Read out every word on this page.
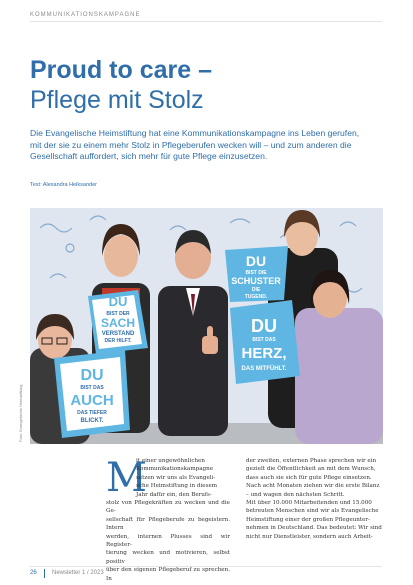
KOMMUNIKATIONSKAMPAGNE
Proud to care –
Pflege mit Stolz
Die Evangelische Heimstiftung hat eine Kommunikationskampagne ins Leben gerufen, mit der sie zu einem mehr Stolz in Pflegeberufen wecken will – und zum anderen die Gesellschaft auffordert, sich mehr für gute Pflege einzusetzen.
Text: Alexandra Heiksander
DU
BIST DER
SACH
VERSTAND
DER HILFT.
DU
BIST DIE
SCHUSTER
DIE
TUGEND.
DU
BIST DAS
AUCH
DAS TIEFER
BLICKT.
DU
BIST DAS
HERZ,
DAS MITFÜHLT.
Foto: Evangelische Heimstiftung
M
it einer ungewöhnlichen
Kommunikationskampagne
setzen wir uns als Evangeli-
sche Heimstiftung in diesem
Jahr dafür ein, den Berufs-

stolz von Pflegekräften zu wecken und die Ge-

sellschaft für Pflegeberufe zu begeistern. Intern

werden, internen Plusses sind wir Register-

tierung wecken und motivieren, selbst positiv

über den eigenen Pflegeberuf zu sprechen. In

der zweiten, externen Phase sprechen wir ein

gezielt die Öffentlichkeit an mit dem Wunsch,

dass auch sie sich für gute Pflege einsetzen.

Nach acht Monaten ziehen wir die erste Bilanz

– und wagen den nächsten Schritt.

Mit über 10.000 Mitarbeitenden und 15.000

betreuten Menschen sind wir als Evangelische

Heimstiftung einer der großen Pflegeunter-

nehmen in Deutschland. Das bedeutet: Wir sind

nicht nur Dienstleister, sondern auch Arbeit-

26	Newsletter 1 / 2023
